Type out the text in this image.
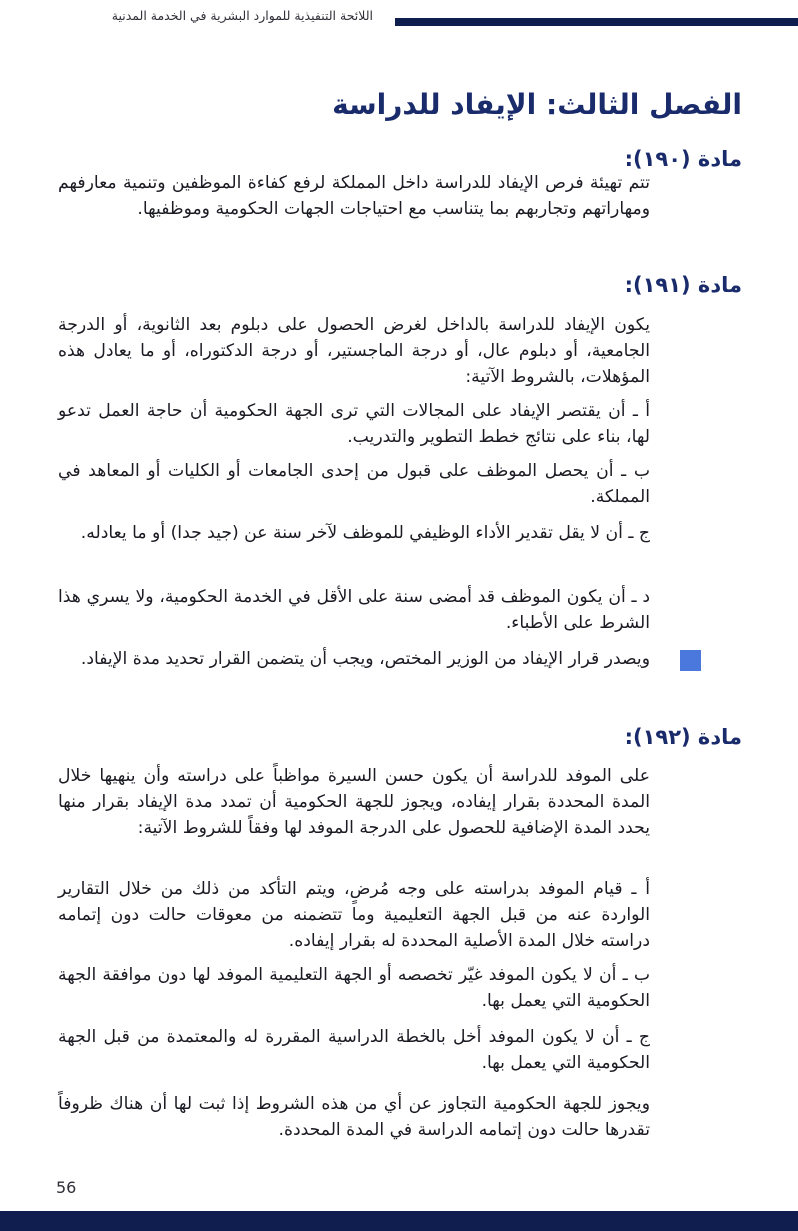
اللائحة التنفيذية للموارد البشرية في الخدمة المدنية
الفصل الثالث: الإيفاد للدراسة
مادة (١٩٠):

تتم تهيئة فرص الإيفاد للدراسة داخل المملكة لرفع كفاءة الموظفين وتنمية معارفهم ومهاراتهم وتجاربهم بما يتناسب مع احتياجات الجهات الحكومية وموظفيها.

مادة (١٩١):

يكون الإيفاد للدراسة بالداخل لغرض الحصول على دبلوم بعد الثانوية، أو الدرجة الجامعية، أو دبلوم عال، أو درجة الماجستير، أو درجة الدكتوراه، أو ما يعادل هذه المؤهلات، بالشروط الآتية:

أ ـ أن يقتصر الإيفاد على المجالات التي ترى الجهة الحكومية أن حاجة العمل تدعو لها، بناء على نتائج خطط التطوير والتدريب.

ب ـ أن يحصل الموظف على قبول من إحدى الجامعات أو الكليات أو المعاهد في المملكة.

ج ـ أن لا يقل تقدير الأداء الوظيفي للموظف لآخر سنة عن (جيد جدا) أو ما يعادله.

د ـ أن يكون الموظف قد أمضى سنة على الأقل في الخدمة الحكومية، ولا يسري هذا الشرط على الأطباء.

ويصدر قرار الإيفاد من الوزير المختص، ويجب أن يتضمن القرار تحديد مدة الإيفاد.

مادة (١٩٢):

على الموفد للدراسة أن يكون حسن السيرة مواظباً على دراسته وأن ينهيها خلال المدة المحددة بقرار إيفاده، ويجوز للجهة الحكومية أن تمدد مدة الإيفاد بقرار منها يحدد المدة الإضافية للحصول على الدرجة الموفد لها وفقاً للشروط الآتية:

أ ـ قيام الموفد بدراسته على وجه مُرضٍ، ويتم التأكد من ذلك من خلال التقارير الواردة عنه من قبل الجهة التعليمية وما تتضمنه من معوقات حالت دون إتمامه دراسته خلال المدة الأصلية المحددة له بقرار إيفاده.

ب ـ أن لا يكون الموفد غيّر تخصصه أو الجهة التعليمية الموفد لها دون موافقة الجهة الحكومية التي يعمل بها.

ج ـ أن لا يكون الموفد أخل بالخطة الدراسية المقررة له والمعتمدة من قبل الجهة الحكومية التي يعمل بها.

ويجوز للجهة الحكومية التجاوز عن أي من هذه الشروط إذا ثبت لها أن هناك ظروفاً تقدرها حالت دون إتمامه الدراسة في المدة المحددة.

56
